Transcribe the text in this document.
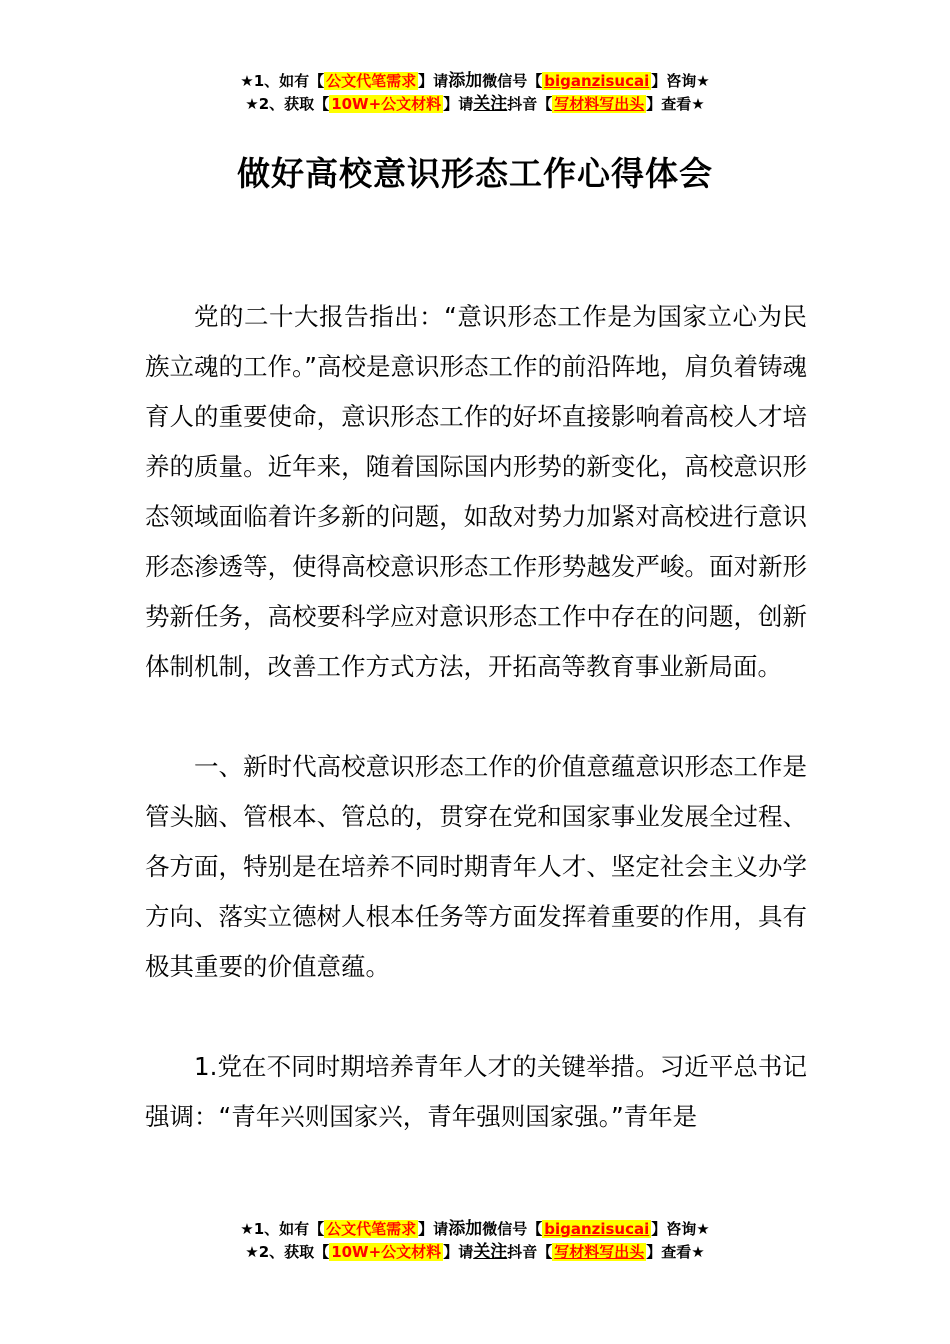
★1、如有【 公文代笔需求 】请添加微信号【 biganzisucai 】咨询★
★2、获取【 10W+公文材料 】请关注抖音【 写材料写出头 】查看★
做好高校意识形态工作心得体会

党的二十大报告指出：“意识形态工作是为国家立心为民族立魂的工作。”高校是意识形态工作的前沿阵地，肩负着铸魂育人的重要使命，意识形态工作的好坏直接影响着高校人才培养的质量。近年来，随着国际国内形势的新变化，高校意识形态领域面临着许多新的问题，如敌对势力加紧对高校进行意识形态渗透等，使得高校意识形态工作形势越发严峻。面对新形势新任务，高校要科学应对意识形态工作中存在的问题，创新体制机制，改善工作方式方法，开拓高等教育事业新局面。

一、新时代高校意识形态工作的价值意蕴意识形态工作是管头脑、管根本、管总的，贯穿在党和国家事业发展全过程、各方面，特别是在培养不同时期青年人才、坚定社会主义办学方向、落实立德树人根本任务等方面发挥着重要的作用，具有极其重要的价值意蕴。

1.党在不同时期培养青年人才的关键举措。习近平总书记强调：“青年兴则国家兴，青年强则国家强。”青年是

★1、如有【 公文代笔需求 】请添加微信号【 biganzisucai 】咨询★
★2、获取【 10W+公文材料 】请关注抖音【 写材料写出头 】查看★
